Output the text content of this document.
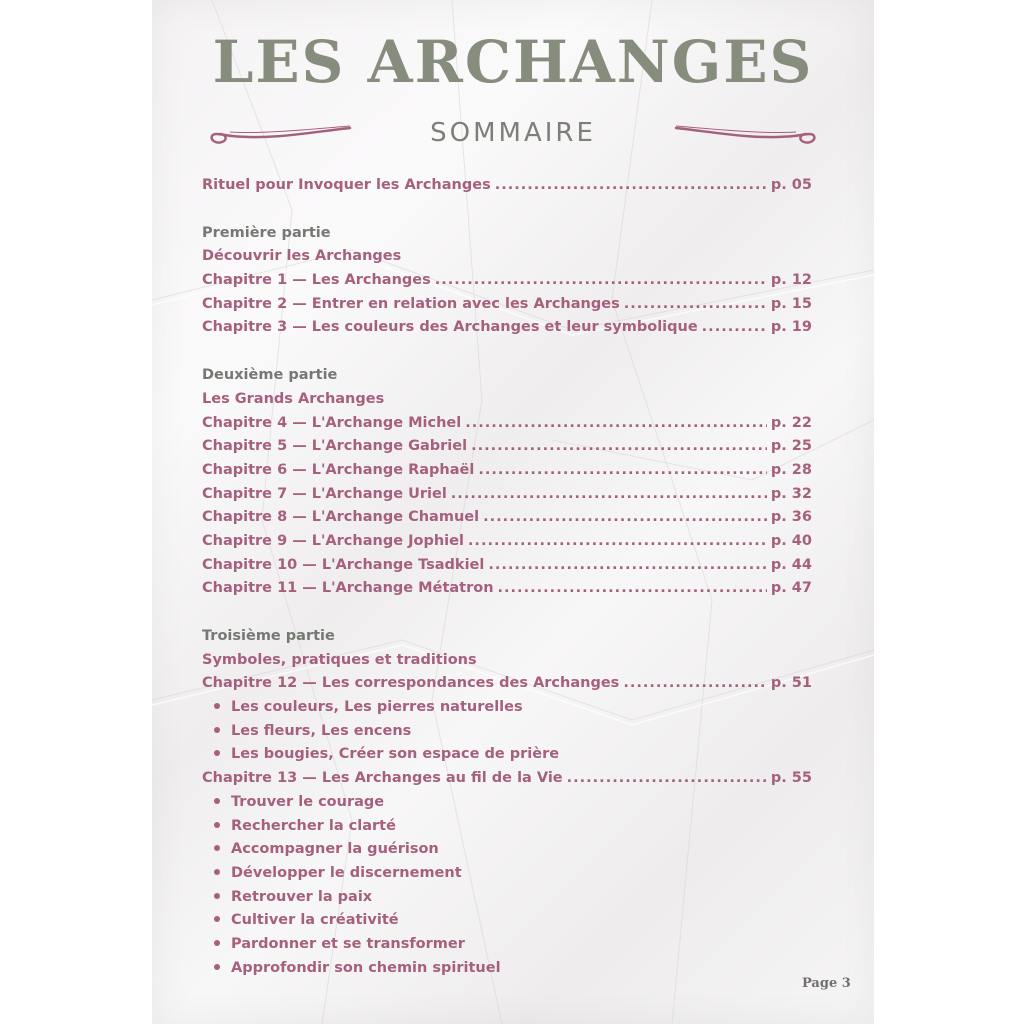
LES ARCHANGES
SOMMAIRE
Rituel pour Invoquer les Archanges .....	p. 05
Première partie
Découvrir les Archanges
Chapitre 1 — Les Archanges .....	p. 12
Chapitre 2 — Entrer en relation avec les Archanges .....	p. 15
Chapitre 3 — Les couleurs des Archanges et leur symbolique .....	p. 19
Deuxième partie
Les Grands Archanges
Chapitre 4 — L'Archange Michel .....	p. 22
Chapitre 5 — L'Archange Gabriel .....	p. 25
Chapitre 6 — L'Archange Raphaël .....	p. 28
Chapitre 7 — L'Archange Uriel .....	p. 32
Chapitre 8 — L'Archange Chamuel .....	p. 36
Chapitre 9 — L'Archange Jophiel .....	p. 40
Chapitre 10 — L'Archange Tsadkiel .....	p. 44
Chapitre 11 — L'Archange Métatron .....	p. 47
Troisième partie
Symboles, pratiques et traditions
Chapitre 12 — Les correspondances des Archanges .....	p. 51
Les couleurs, Les pierres naturelles
Les fleurs, Les encens
Les bougies, Créer son espace de prière
Chapitre 13 — Les Archanges au fil de la Vie .....	p. 55
Trouver le courage
Rechercher la clarté
Accompagner la guérison
Développer le discernement
Retrouver la paix
Cultiver la créativité
Pardonner et se transformer
Approfondir son chemin spirituel
Page 3
